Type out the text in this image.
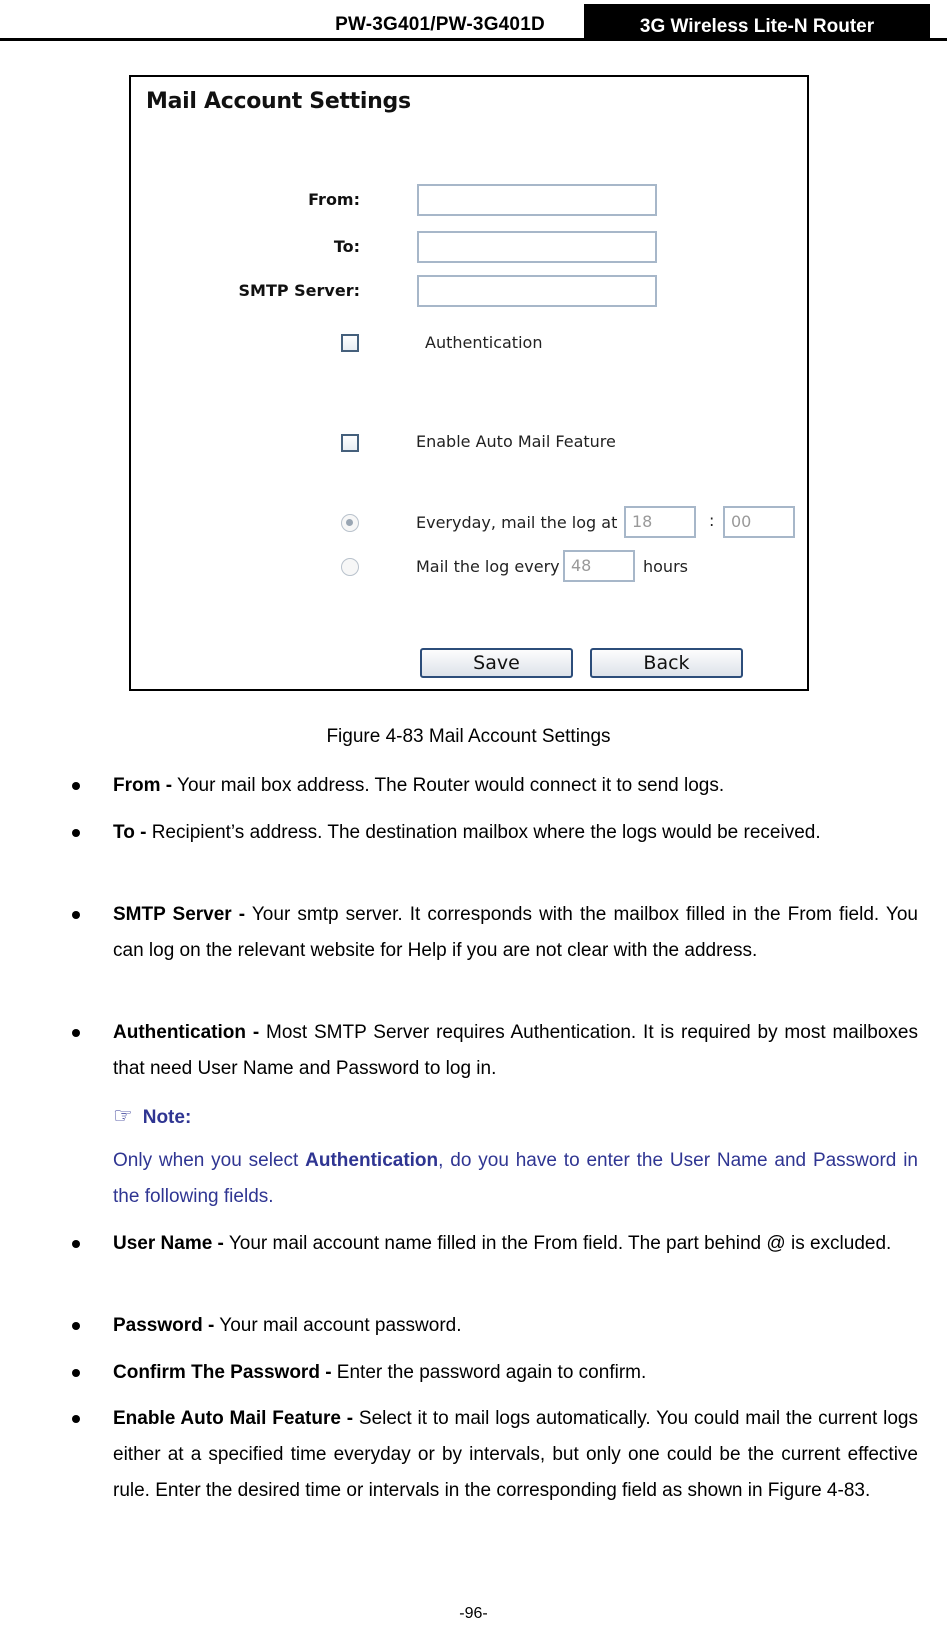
PW-3G401/PW-3G401D	3G Wireless Lite-N Router
Mail Account Settings
From:
To:
SMTP Server:
Authentication
Enable Auto Mail Feature
Everyday, mail the log at 18	:	00
Mail the log every 48	hours
Save	Back
Figure 4-83 Mail Account Settings
From - Your mail box address. The Router would connect it to send logs.
To - Recipient’s address. The destination mailbox where the logs would be received.
SMTP Server - Your smtp server. It corresponds with the mailbox filled in the From field. You can log on the relevant website for Help if you are not clear with the address.
Authentication - Most SMTP Server requires Authentication. It is required by most mailboxes that need User Name and Password to log in.
☞ Note:
Only when you select Authentication, do you have to enter the User Name and Password in the following fields.
User Name - Your mail account name filled in the From field. The part behind @ is excluded.
Password - Your mail account password.
Confirm The Password - Enter the password again to confirm.
Enable Auto Mail Feature - Select it to mail logs automatically. You could mail the current logs either at a specified time everyday or by intervals, but only one could be the current effective rule. Enter the desired time or intervals in the corresponding field as shown in Figure 4-83.
-96-
